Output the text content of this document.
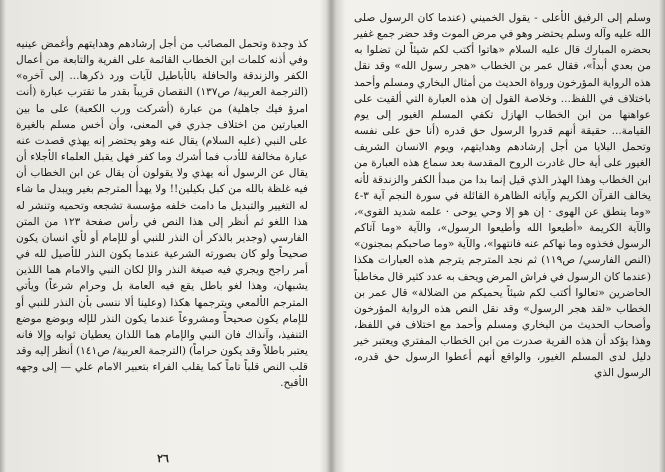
كذ وجدة وتحمل المصائب من أجل إرشادهم وهدايتهم وأغمض عينيه وفي أذنه كلمات ابن الخطاب القائمة على الفرية والتابعة من أعمال الكفر والزندقة والحافلة بالأباطيل لآيات ورد ذكرها... إلى آخره» (الترجمة العربية/ ص١٣٧) النقصان قريباً بقدر ما تقترب عبارة (أنت امرؤ فيك جاهلية) من عبارة (أشركت ورب الكعبة) على ما بين العبارتين من اختلاف جذري في المعنى، وأن أخس مسلم بالغيرة على النبي (عليه السلام) يقال عنه وهو يحتضر إنه يهذي قصدت عنه عبارة مخالفة للأدب فما أشرك وما كفر فهل يقبل العلماء الأجلاء أن يقال عن الرسول أنه يهذي ولا يقولون أن يقال عن ابن الخطاب أن فيه غلظة بالله من كبل بكيلين!! ولا يهدأ المترجم بغير ويبدل ما شاء له التغيير والتبديل ما دامت خلفه مؤسسة تشجعه وتحميه وتنشر له هذا اللغو ثم أنظر إلى هذا النص في رأس صفحة ١٢٣ من المتن الفارسي (وجدير بالذكر أن النذر للنبي أو للإمام أو لأي انسان يكون صحيحاً ولو كان بصورته الشرعية عندما يكون النذر للأصيل لله في أمر راجح ويجري فيه صيغة النذر والإ لكان النبي والامام هما اللذين يشبهان، وهذا لغو باطل يقع فيه العامة بل وحرام شرعاً) ويأتي المترجم الألمعي ويترجمها هكذا (وعلينا ألا ننسى بأن النذر للنبي أو للإمام يكون صحيحاً ومشروعاً عندما يكون النذر للإله وبوضع موضع التنفيذ، وآنذاك فان النبي والإمام هما اللذان يعطيان ثوابه وإلا فانه يعتبر باطلاً وقد يكون حراماً) (الترجمة العربية/ ص١٤١) أنظر إليه وقد قلب النص قلباً تاماً كما يقلب الفراء بتعبير الامام علي — إلى وجهه الأقبح.

وسلم إلى الرفيق الأعلى - يقول الخميني (عندما كان الرسول صلى الله عليه وآله وسلم يحتضر وهو في مرض الموت وقد حضر جمع غفير بحضره المبارك قال عليه السلام «هاتوا أكتب لكم شيئاً لن تضلوا به من بعدي أبداً»، فقال عمر بن الخطاب «هجر رسول الله» وقد نقل هذه الرواية المؤرخون ورواة الحديث من أمثال البخاري ومسلم وأحمد باختلاف في اللفظ... وخلاصة القول إن هذه العبارة التي ألقيت على عواهنها من ابن الخطاب الهازل تكفي المسلم الغيور إلى يوم القيامة... حقيقة أنهم قدروا الرسول حق قدره (أنا حق على نفسه وتحمل البلايا من أجل إرشادهم وهدايتهم، ويوم الانسان الشريف الغيور على أية حال غادرت الروح المقدسة بعد سماع هذه العبارة من ابن الخطاب وهذا الهذر الذي قيل إنما بدا من مبدأ الكفر والزندقة لأنه يخالف القرآن الكريم وآياته الظاهرة القائلة في سورة النجم آية ٣-٤ «وما ينطق عن الهوى · إن هو إلا وحي يوحى · علمه شديد القوى»، والآية الكريمة «أطيعوا الله وأطيعوا الرسول»، والآية «وما آتاكم الرسول فخذوه وما نهاكم عنه فانتهوا»، والآية «وما صاحبكم بمجنون» (النص الفارسي/ ص١١٩) ثم نجد المترجم يترجم هذه العبارات هكذا (عندما كان الرسول في فراش المرض ويحف به عدد كثير قال مخاطباً الحاضرين «تعالوا أكتب لكم شيئاً يحميكم من الضلالة» قال عمر بن الخطاب «لقد هجر الرسول» وقد نقل النص هذه الرواية المؤرخون وأصحاب الحديث من البخاري ومسلم وأحمد مع اختلاف في اللفظ، وهذا يؤكد أن هذه الفرية صدرت من ابن الخطاب المفتري ويعتبر خير دليل لدى المسلم الغيور، والواقع أنهم أعطوا الرسول حق قدره، الرسول الذي

٢٦
